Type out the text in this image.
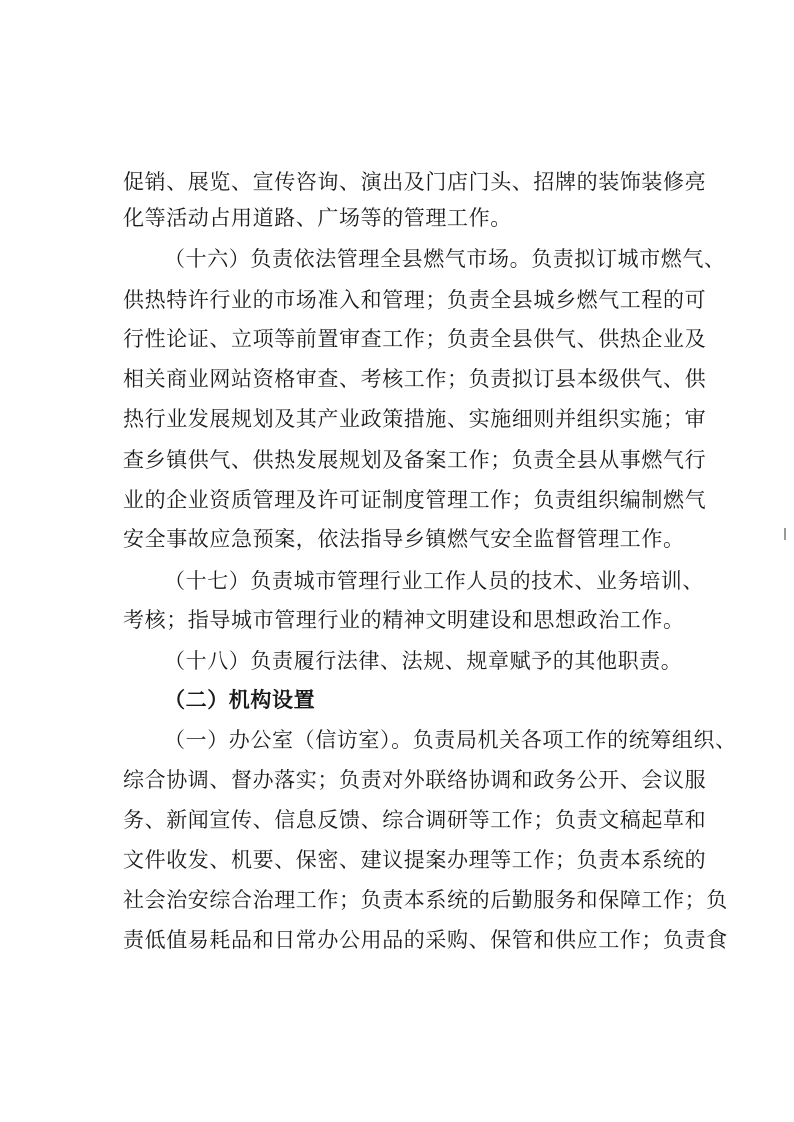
促销、展览、宣传咨询、演出及门店门头、招牌的装饰装修亮
化等活动占用道路、广场等的管理工作。
（十六）负责依法管理全县燃气市场。负责拟订城市燃气、
供热特许行业的市场准入和管理；负责全县城乡燃气工程的可
行性论证、立项等前置审查工作；负责全县供气、供热企业及
相关商业网站资格审查、考核工作；负责拟订县本级供气、供
热行业发展规划及其产业政策措施、实施细则并组织实施；审
查乡镇供气、供热发展规划及备案工作；负责全县从事燃气行
业的企业资质管理及许可证制度管理工作；负责组织编制燃气
安全事故应急预案，依法指导乡镇燃气安全监督管理工作。
（十七）负责城市管理行业工作人员的技术、业务培训、
考核；指导城市管理行业的精神文明建设和思想政治工作。
（十八）负责履行法律、法规、规章赋予的其他职责。
（二）机构设置
（一）办公室（信访室）。负责局机关各项工作的统筹组织、
综合协调、督办落实；负责对外联络协调和政务公开、会议服
务、新闻宣传、信息反馈、综合调研等工作；负责文稿起草和
文件收发、机要、保密、建议提案办理等工作；负责本系统的
社会治安综合治理工作；负责本系统的后勤服务和保障工作；负
责低值易耗品和日常办公用品的采购、保管和供应工作；负责食
